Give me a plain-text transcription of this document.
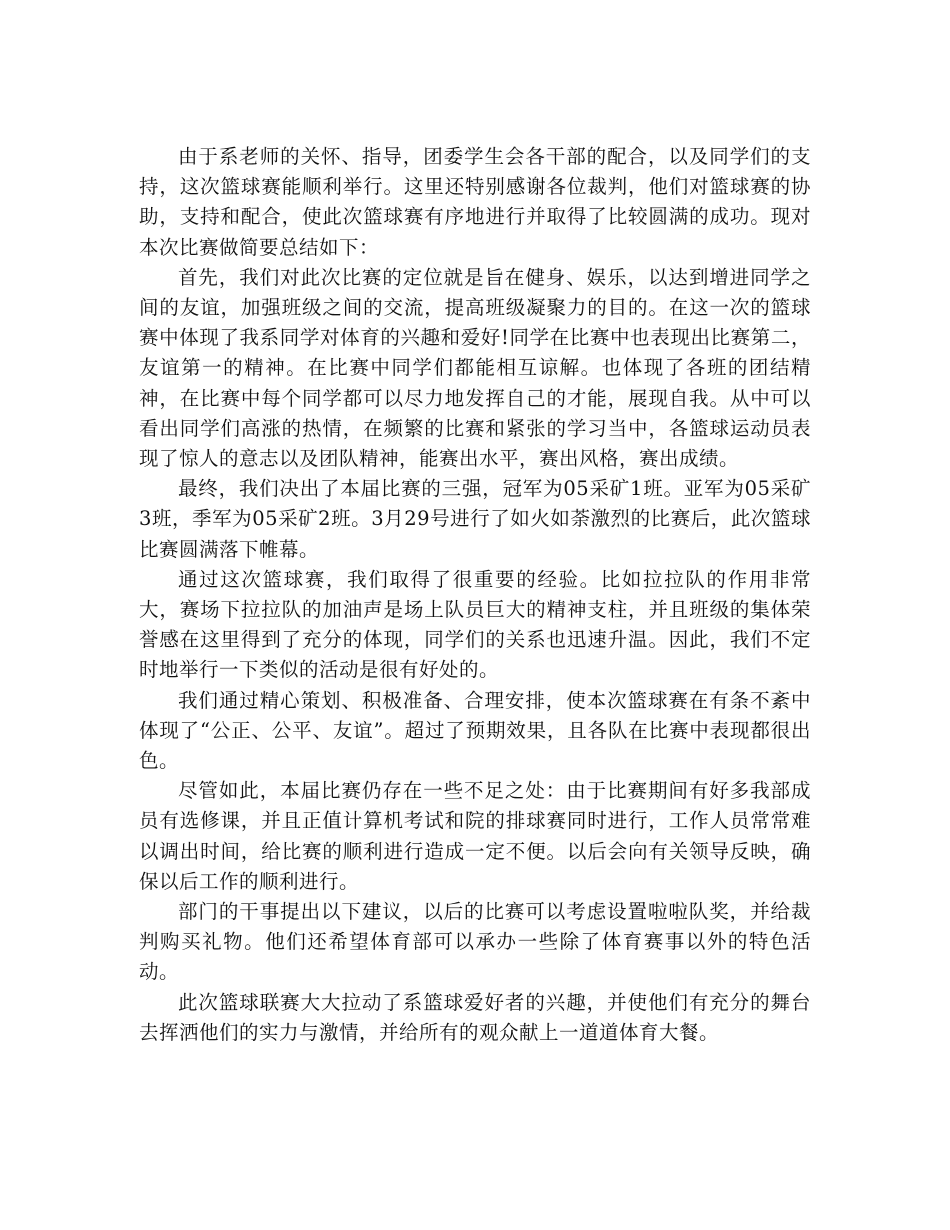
由于系老师的关怀、指导，团委学生会各干部的配合，以及同学们的支持，这次篮球赛能顺利举行。这里还特别感谢各位裁判，他们对篮球赛的协助，支持和配合，使此次篮球赛有序地进行并取得了比较圆满的成功。现对本次比赛做简要总结如下：

首先，我们对此次比赛的定位就是旨在健身、娱乐，以达到增进同学之间的友谊，加强班级之间的交流，提高班级凝聚力的目的。在这一次的篮球赛中体现了我系同学对体育的兴趣和爱好!同学在比赛中也表现出比赛第二，友谊第一的精神。在比赛中同学们都能相互谅解。也体现了各班的团结精神，在比赛中每个同学都可以尽力地发挥自己的才能，展现自我。从中可以看出同学们高涨的热情，在频繁的比赛和紧张的学习当中，各篮球运动员表现了惊人的意志以及团队精神，能赛出水平，赛出风格，赛出成绩。

最终，我们决出了本届比赛的三强，冠军为05采矿1班。亚军为05采矿3班，季军为05采矿2班。3月29号进行了如火如荼激烈的比赛后，此次篮球比赛圆满落下帷幕。

通过这次篮球赛，我们取得了很重要的经验。比如拉拉队的作用非常大，赛场下拉拉队的加油声是场上队员巨大的精神支柱，并且班级的集体荣誉感在这里得到了充分的体现，同学们的关系也迅速升温。因此，我们不定时地举行一下类似的活动是很有好处的。

我们通过精心策划、积极准备、合理安排，使本次篮球赛在有条不紊中体现了“公正、公平、友谊”。超过了预期效果，且各队在比赛中表现都很出色。

尽管如此，本届比赛仍存在一些不足之处：由于比赛期间有好多我部成员有选修课，并且正值计算机考试和院的排球赛同时进行，工作人员常常难以调出时间，给比赛的顺利进行造成一定不便。以后会向有关领导反映，确保以后工作的顺利进行。

部门的干事提出以下建议，以后的比赛可以考虑设置啦啦队奖，并给裁判购买礼物。他们还希望体育部可以承办一些除了体育赛事以外的特色活动。

此次篮球联赛大大拉动了系篮球爱好者的兴趣，并使他们有充分的舞台去挥洒他们的实力与激情，并给所有的观众献上一道道体育大餐。
